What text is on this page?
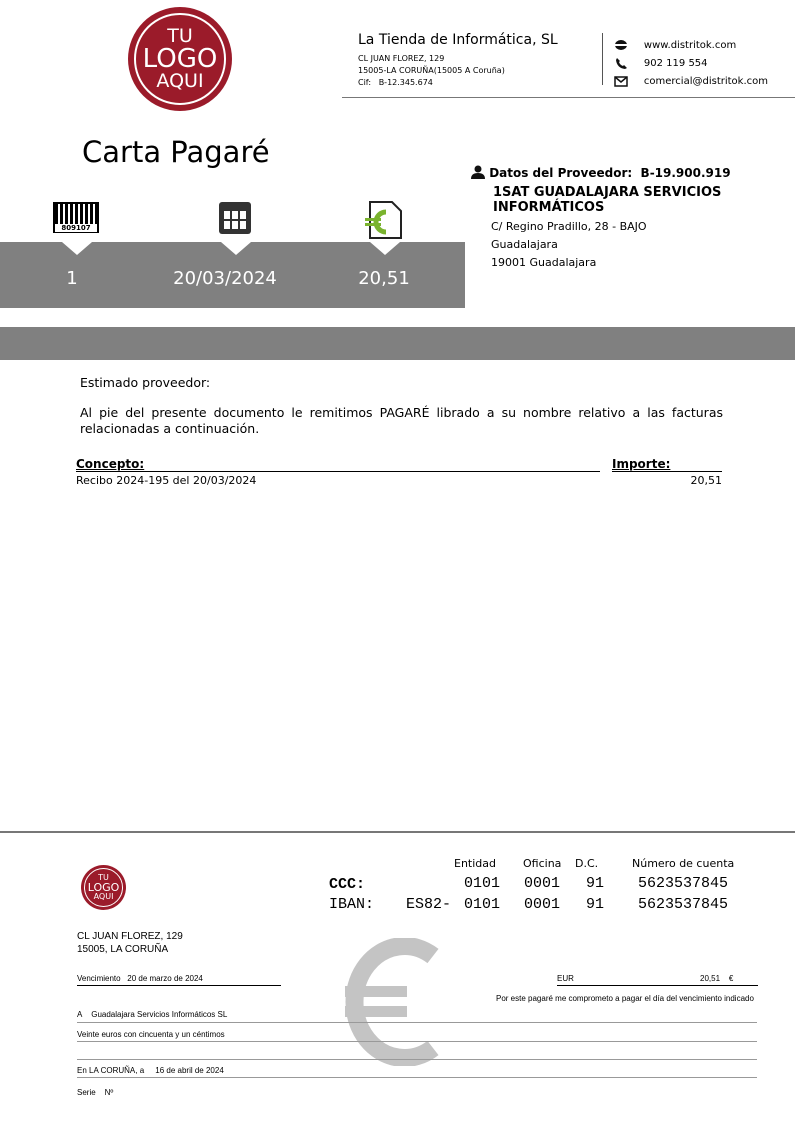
TU
LOGO
AQUI
La Tienda de Informática, SL
CL JUAN FLOREZ, 129
15005-LA CORUÑA(15005 A Coruña)
Cif: B-12.345.674
www.distritok.com
902 119 554
comercial@distritok.com
Carta Pagaré
809107
1	20/03/2024	20,51
Datos del Proveedor: B-19.900.919
1SAT GUADALAJARA SERVICIOS INFORMÁTICOS
C/ Regino Pradillo, 28 - BAJO
Guadalajara
19001 Guadalajara
Estimado proveedor:
Al pie del presente documento le remitimos PAGARÉ librado a su nombre relativo a las facturas relacionadas a continuación.
Concepto:	Importe:
Recibo 2024-195 del 20/03/2024	20,51
TU
LOGO
AQUI
Entidad Oficina D.C.	Número de cuenta
CCC:	0101 0001 91 5623537845
IBAN: ES82- 0101 0001 91 5623537845
CL JUAN FLOREZ, 129
15005, LA CORUÑA
Vencimiento 20 de marzo de 2024	EUR	20,51 €
Por este pagaré me comprometo a pagar el día del vencimiento indicado
A Guadalajara Servicios Informáticos SL
Veinte euros con cincuenta y un céntimos
En LA CORUÑA, a 16 de abril de 2024
Serie Nº
